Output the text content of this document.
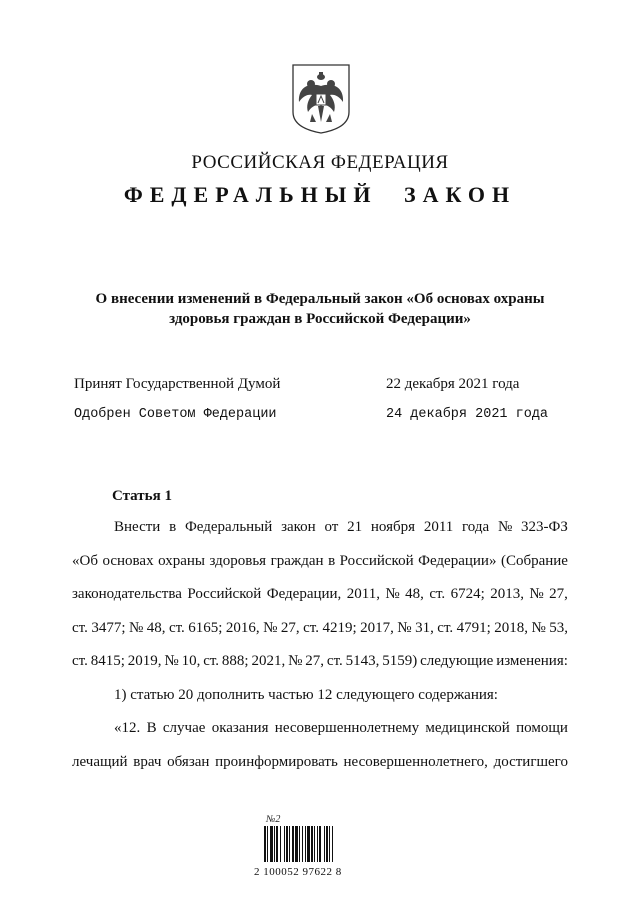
РОССИЙСКАЯ ФЕДЕРАЦИЯ
ФЕДЕРАЛЬНЫЙ ЗАКОН
О внесении изменений в Федеральный закон «Об основах охраны
здоровья граждан в Российской Федерации»
Принят Государственной Думой	22 декабря 2021 года
Одобрен Советом Федерации	24 декабря 2021 года
Статья 1
Внести в Федеральный закон от 21 ноября 2011 года № 323-ФЗ
«Об основах охраны здоровья граждан в Российской Федерации» (Собрание
законодательства Российской Федерации, 2011, № 48, ст. 6724; 2013, № 27,
ст. 3477; № 48, ст. 6165; 2016, № 27, ст. 4219; 2017, № 31, ст. 4791; 2018, № 53,
ст. 8415; 2019, № 10, ст. 888; 2021, № 27, ст. 5143, 5159) следующие изменения:
1) статью 20 дополнить частью 12 следующего содержания:
«12. В случае оказания несовершеннолетнему медицинской помощи
лечащий врач обязан проинформировать несовершеннолетнего, достигшего
№2
2 100052 97622 8
